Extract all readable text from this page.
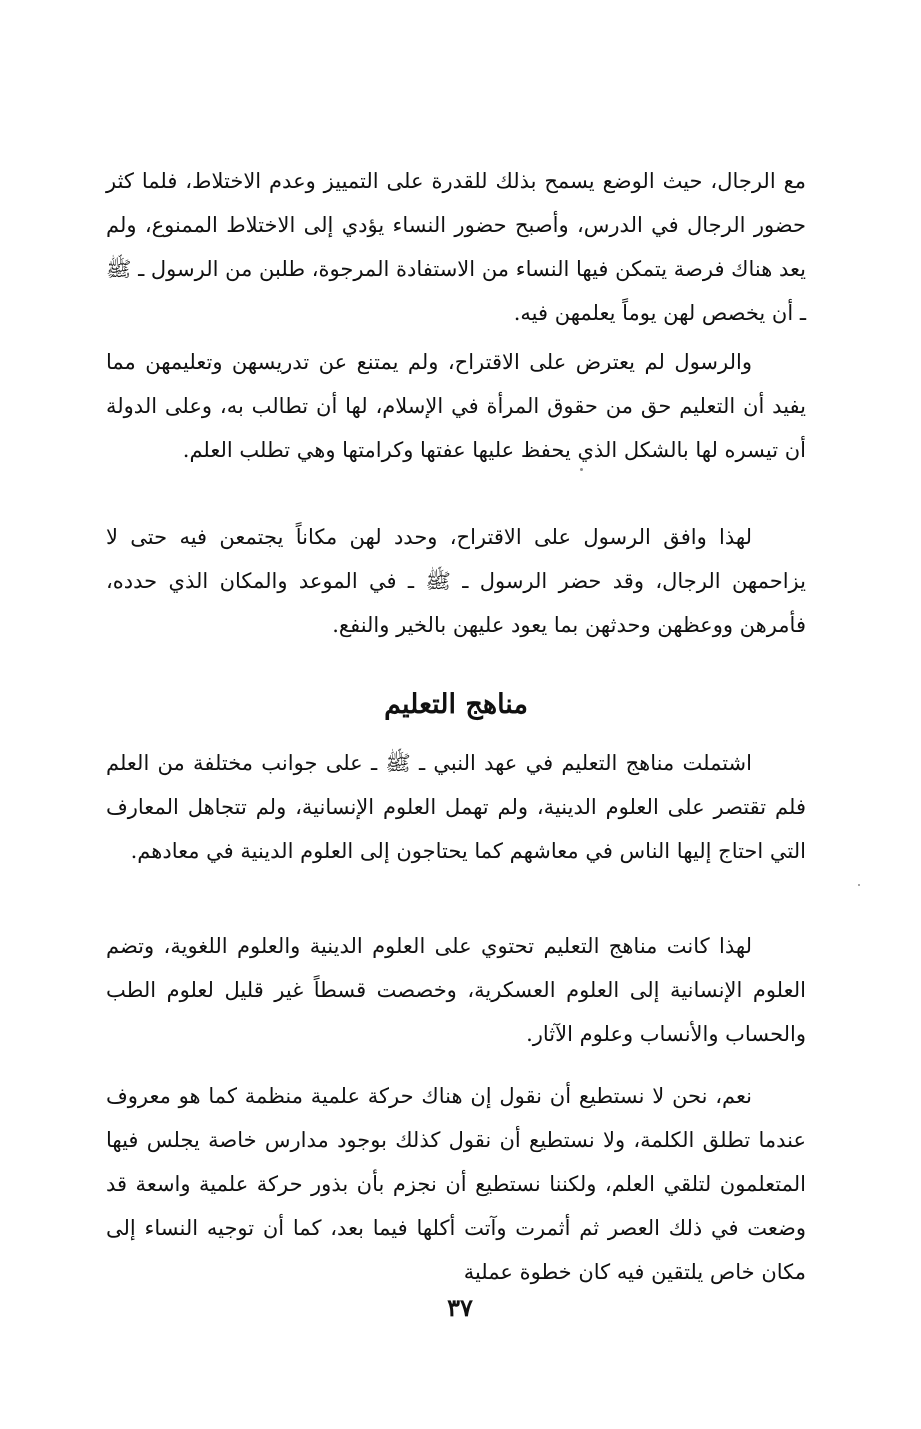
مع الرجال، حيث الوضع يسمح بذلك للقدرة على التمييز وعدم الاختلاط، فلما كثر حضور الرجال في الدرس، وأصبح حضور النساء يؤدي إلى الاختلاط الممنوع، ولم يعد هناك فرصة يتمكن فيها النساء من الاستفادة المرجوة، طلبن من الرسول ـ ﷺ ـ أن يخصص لهن يوماً يعلمهن فيه.

والرسول لم يعترض على الاقتراح، ولم يمتنع عن تدريسهن وتعليمهن مما يفيد أن التعليم حق من حقوق المرأة في الإسلام، لها أن تطالب به، وعلى الدولة أن تيسره لها بالشكل الذي يحفظ عليها عفتها وكرامتها وهي تطلب العلم.

لهذا وافق الرسول على الاقتراح، وحدد لهن مكاناً يجتمعن فيه حتى لا يزاحمهن الرجال، وقد حضر الرسول ـ ﷺ ـ في الموعد والمكان الذي حدده، فأمرهن ووعظهن وحدثهن بما يعود عليهن بالخير والنفع.

مناهج التعليم

اشتملت مناهج التعليم في عهد النبي ـ ﷺ ـ على جوانب مختلفة من العلم فلم تقتصر على العلوم الدينية، ولم تهمل العلوم الإنسانية، ولم تتجاهل المعارف التي احتاج إليها الناس في معاشهم كما يحتاجون إلى العلوم الدينية في معادهم.

لهذا كانت مناهج التعليم تحتوي على العلوم الدينية والعلوم اللغوية، وتضم العلوم الإنسانية إلى العلوم العسكرية، وخصصت قسطاً غير قليل لعلوم الطب والحساب والأنساب وعلوم الآثار.

نعم، نحن لا نستطيع أن نقول إن هناك حركة علمية منظمة كما هو معروف عندما تطلق الكلمة، ولا نستطيع أن نقول كذلك بوجود مدارس خاصة يجلس فيها المتعلمون لتلقي العلم، ولكننا نستطيع أن نجزم بأن بذور حركة علمية واسعة قد وضعت في ذلك العصر ثم أثمرت وآتت أكلها فيما بعد، كما أن توجيه النساء إلى مكان خاص يلتقين فيه كان خطوة عملية

٣٧
